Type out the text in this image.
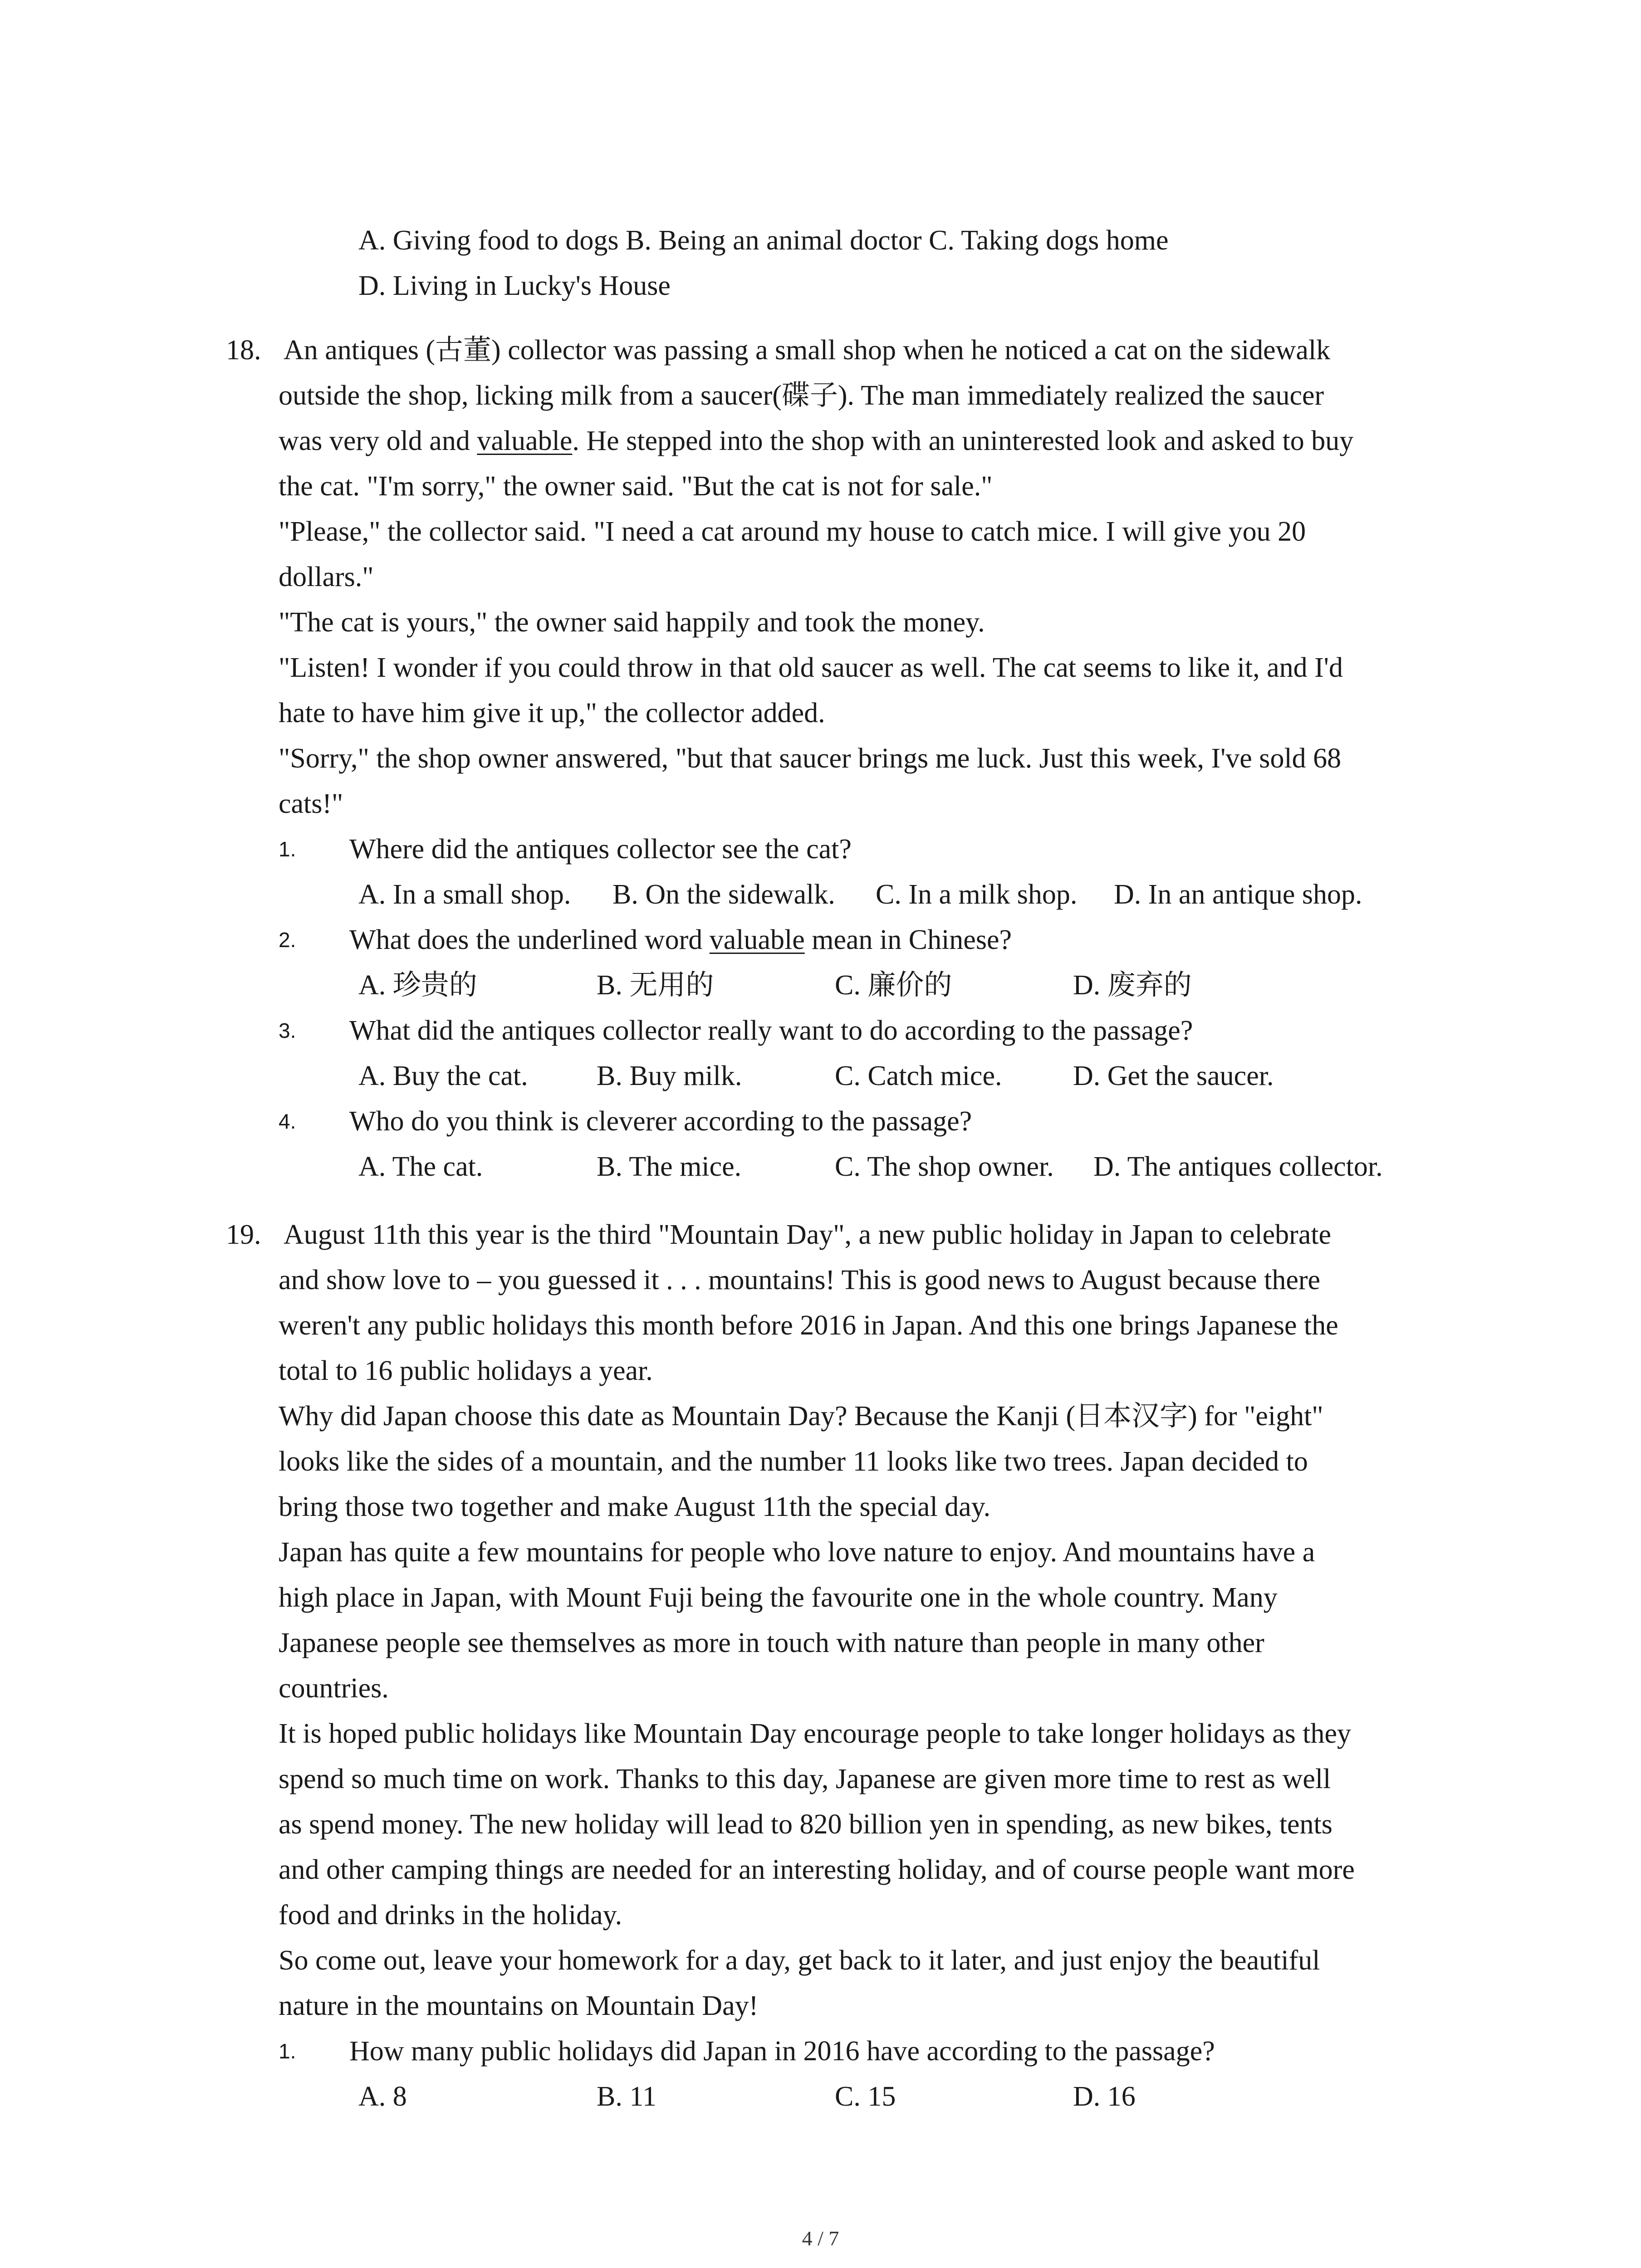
A. Giving food to dogs B. Being an animal doctor C. Taking dogs home
D. Living in Lucky's House
18. An antiques (古董) collector was passing a small shop when he noticed a cat on the sidewalk
outside the shop, licking milk from a saucer(碟子). The man immediately realized the saucer
was very old and valuable. He stepped into the shop with an uninterested look and asked to buy
the cat. "I'm sorry," the owner said. "But the cat is not for sale."
"Please," the collector said. "I need a cat around my house to catch mice. I will give you 20
dollars."
"The cat is yours," the owner said happily and took the money.
"Listen! I wonder if you could throw in that old saucer as well. The cat seems to like it, and I'd
hate to have him give it up," the collector added.
"Sorry," the shop owner answered, "but that saucer brings me luck. Just this week, I've sold 68
cats!"
1. Where did the antiques collector see the cat?
A. In a small shop. B. On the sidewalk. C. In a milk shop. D. In an antique shop.
2. What does the underlined word valuable mean in Chinese?
A. 珍贵的	B. 无用的	C. 廉价的	D. 废弃的
3. What did the antiques collector really want to do according to the passage?
A. Buy the cat. B. Buy milk.	C. Catch mice.	D. Get the saucer.
4. Who do you think is cleverer according to the passage?
A. The cat.	B. The mice.	C. The shop owner. D. The antiques collector.
19. August 11th this year is the third "Mountain Day", a new public holiday in Japan to celebrate
and show love to – you guessed it . . . mountains! This is good news to August because there
weren't any public holidays this month before 2016 in Japan. And this one brings Japanese the
total to 16 public holidays a year.
Why did Japan choose this date as Mountain Day? Because the Kanji (日本汉字) for "eight"
looks like the sides of a mountain, and the number 11 looks like two trees. Japan decided to
bring those two together and make August 11th the special day.
Japan has quite a few mountains for people who love nature to enjoy. And mountains have a
high place in Japan, with Mount Fuji being the favourite one in the whole country. Many
Japanese people see themselves as more in touch with nature than people in many other
countries.
It is hoped public holidays like Mountain Day encourage people to take longer holidays as they
spend so much time on work. Thanks to this day, Japanese are given more time to rest as well
as spend money. The new holiday will lead to 820 billion yen in spending, as new bikes, tents
and other camping things are needed for an interesting holiday, and of course people want more
food and drinks in the holiday.
So come out, leave your homework for a day, get back to it later, and just enjoy the beautiful
nature in the mountains on Mountain Day!
1. How many public holidays did Japan in 2016 have according to the passage?
A. 8	B. 11	C. 15	D. 16
4 / 7
